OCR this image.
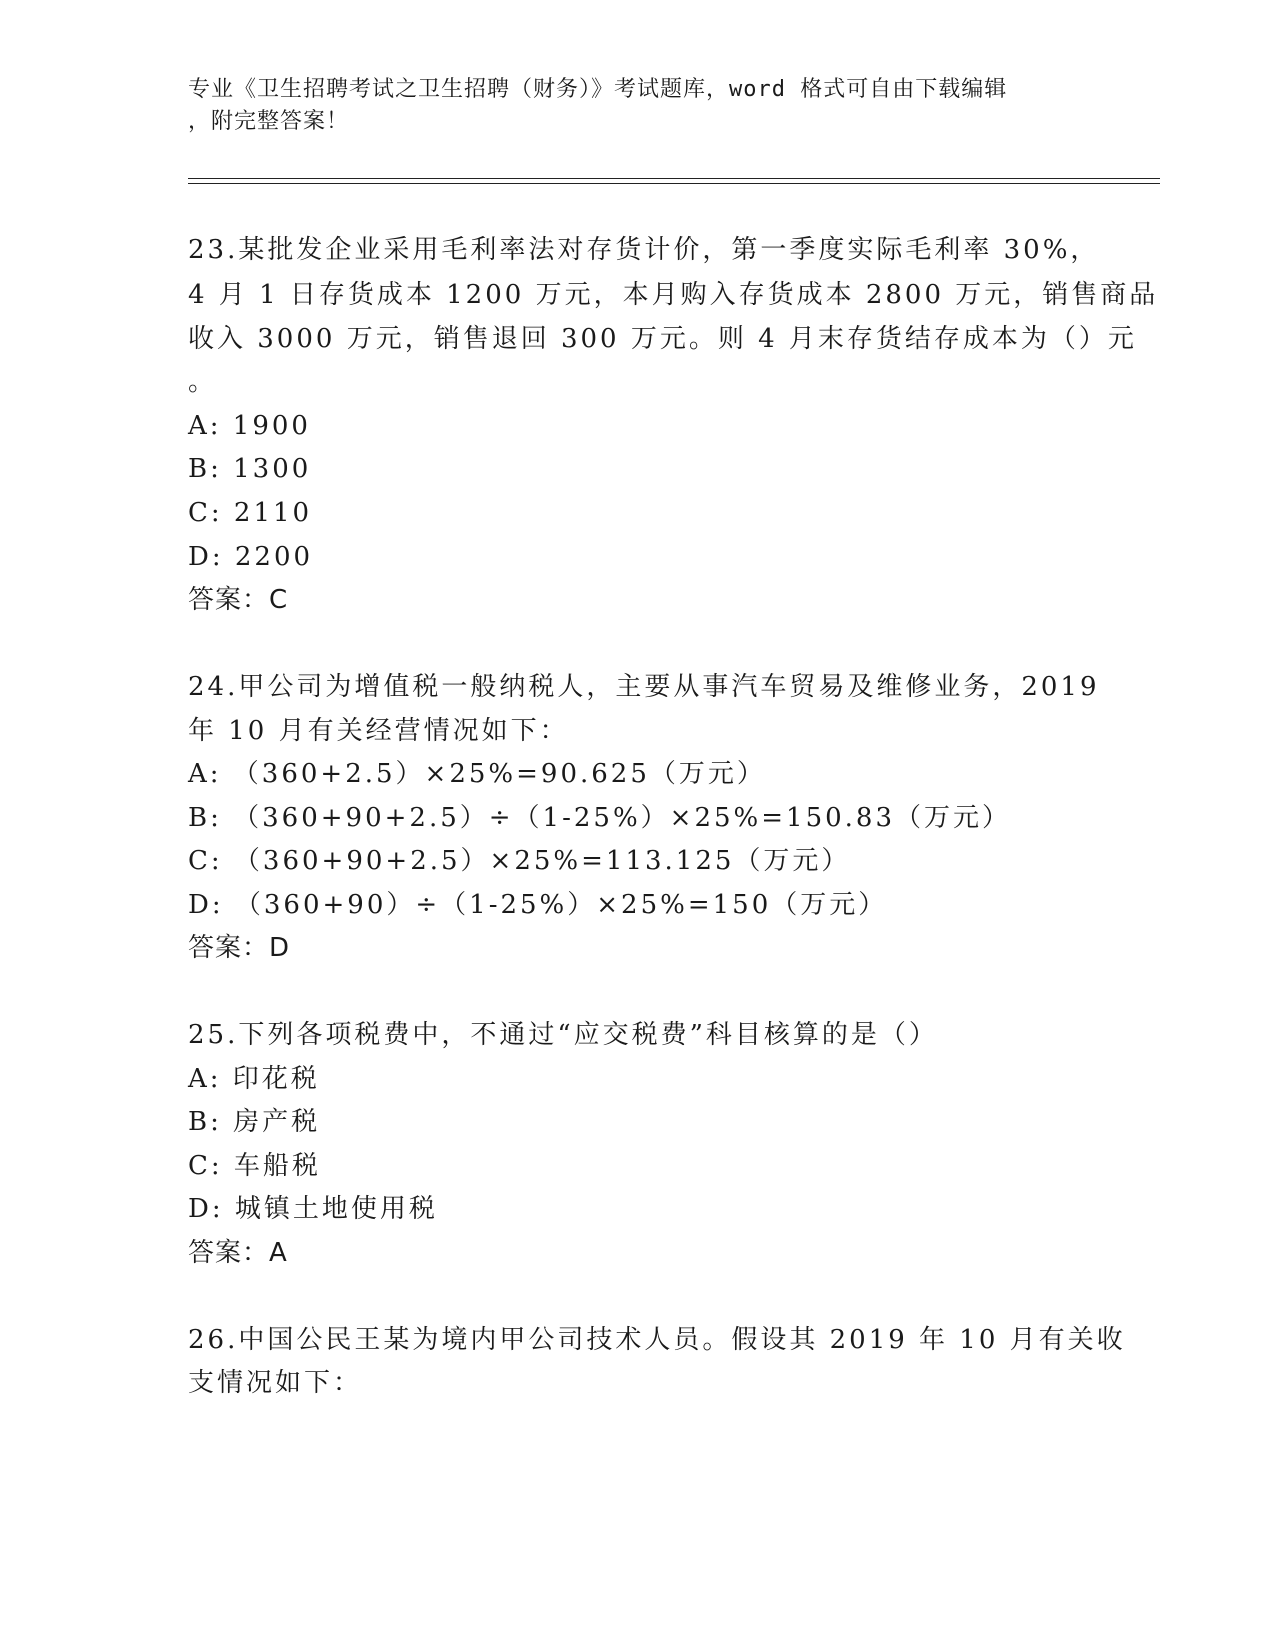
专业《卫生招聘考试之卫生招聘（财务）》考试题库，word 格式可自由下载编辑
，附完整答案！
23.某批发企业采用毛利率法对存货计价，第一季度实际毛利率 30%，
4 月 1 日存货成本 1200 万元，本月购入存货成本 2800 万元，销售商品
收入 3000 万元，销售退回 300 万元。则 4 月末存货结存成本为（）元
。
A: 1900
B: 1300
C: 2110
D: 2200
答案：C
24.甲公司为增值税一般纳税人，主要从事汽车贸易及维修业务，2019
年 10 月有关经营情况如下：
A: （360+2.5）×25%=90.625（万元）
B: （360+90+2.5）÷（1-25%）×25%=150.83（万元）
C: （360+90+2.5）×25%=113.125（万元）
D: （360+90）÷（1-25%）×25%=150（万元）
答案：D
25.下列各项税费中，不通过“应交税费”科目核算的是（）
A: 印花税
B: 房产税
C: 车船税
D: 城镇土地使用税
答案：A
26.中国公民王某为境内甲公司技术人员。假设其 2019 年 10 月有关收
支情况如下：
